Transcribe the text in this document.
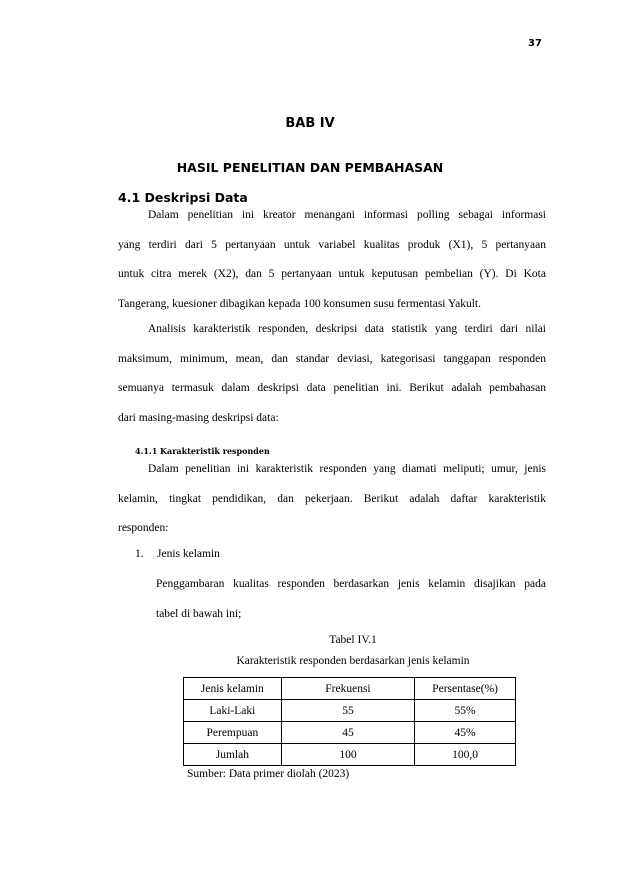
37
BAB IV
HASIL PENELITIAN DAN PEMBAHASAN
4.1 Deskripsi Data
Dalam penelitian ini kreator menangani informasi polling sebagai informasi
yang terdiri dari 5 pertanyaan untuk variabel kualitas produk (X1), 5 pertanyaan
untuk citra merek (X2), dan 5 pertanyaan untuk keputusan pembelian (Y). Di Kota
Tangerang, kuesioner dibagikan kepada 100 konsumen susu fermentasi Yakult.
Analisis karakteristik responden, deskripsi data statistik yang terdiri dari nilai
maksimum, minimum, mean, dan standar deviasi, kategorisasi tanggapan responden
semuanya termasuk dalam deskripsi data penelitian ini. Berikut adalah pembahasan
dari masing-masing deskripsi data:
4.1.1 Karakteristik responden
Dalam penelitian ini karakteristik responden yang diamati meliputi; umur, jenis
kelamin, tingkat pendidikan, dan pekerjaan. Berikut adalah daftar karakteristik
responden:
1. Jenis kelamin
Penggambaran kualitas responden berdasarkan jenis kelamin disajikan pada
tabel di bawah ini;
Tabel IV.1
Karakteristik responden berdasarkan jenis kelamin
Jenis kelamin	Frekuensi	Persentase(%)
Laki-Laki	55	55%
Perempuan	45	45%
Jumlah	100	100,0
Sumber: Data primer diolah (2023)
